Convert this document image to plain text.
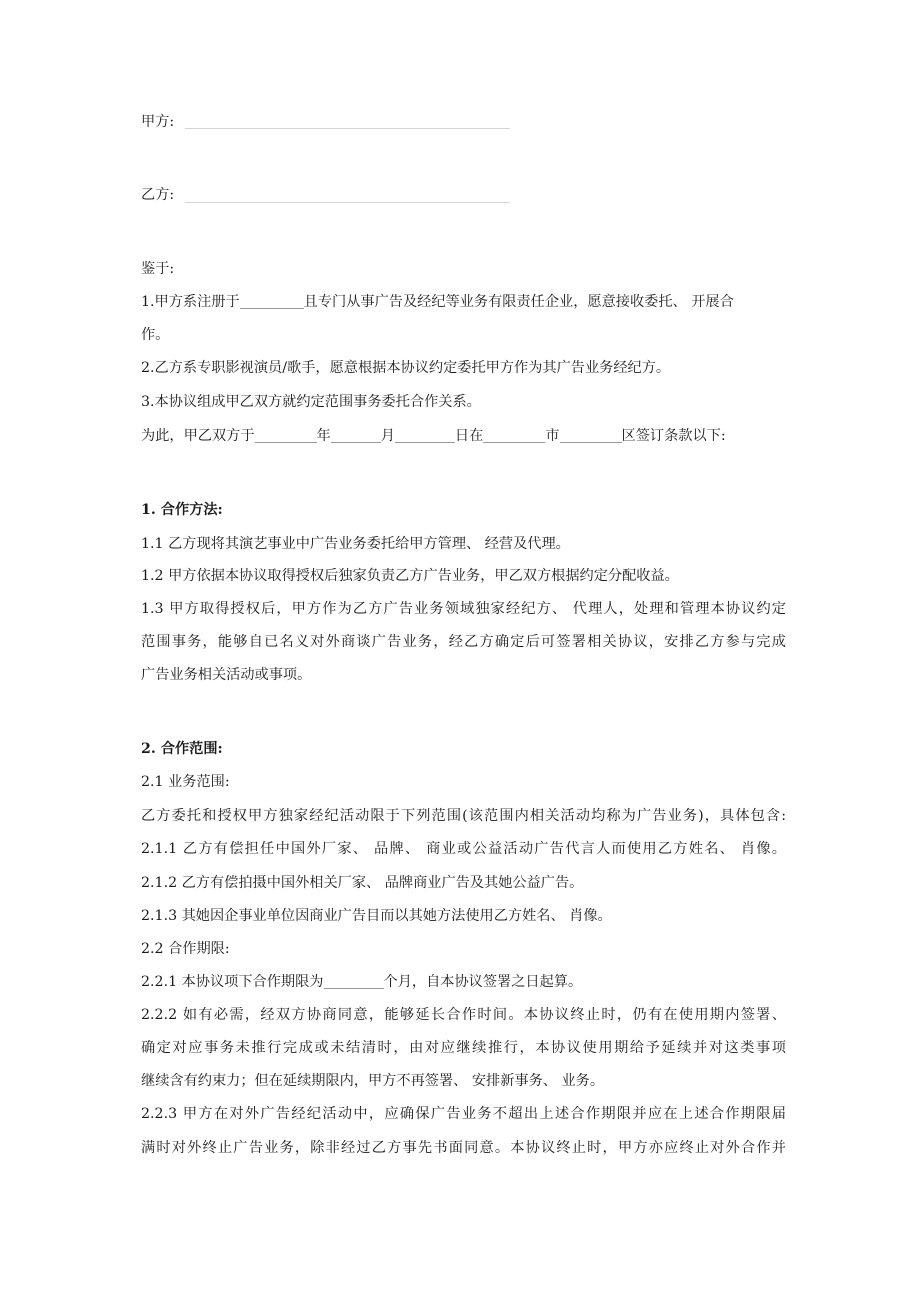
甲方:
乙方:
鉴于:
1.甲方系注册于	且专门从事广告及经纪等业务有限责任企业，愿意接收委托、 开展合
作。
2.乙方系专职影视演员/歌手，愿意根据本协议约定委托甲方作为其广告业务经纪方。
3.本协议组成甲乙双方就约定范围事务委托合作关系。
为此，甲乙双方于	年	月	日在	市	区签订条款以下:
1. 合作方法:
1.1 乙方现将其演艺事业中广告业务委托给甲方管理、 经营及代理。
1.2 甲方依据本协议取得授权后独家负责乙方广告业务，甲乙双方根据约定分配收益。
1.3 甲方取得授权后，甲方作为乙方广告业务领域独家经纪方、 代理人，处理和管理本协议约定
范围事务，能够自已名义对外商谈广告业务，经乙方确定后可签署相关协议，安排乙方参与完成
广告业务相关活动或事项。
2. 合作范围:
2.1 业务范围:
乙方委托和授权甲方独家经纪活动限于下列范围(该范围内相关活动均称为广告业务)，具体包含:
2.1.1 乙方有偿担任中国外厂家、 品牌、 商业或公益活动广告代言人而使用乙方姓名、 肖像。
2.1.2 乙方有偿拍摄中国外相关厂家、 品牌商业广告及其她公益广告。
2.1.3 其她因企事业单位因商业广告目而以其她方法使用乙方姓名、 肖像。
2.2 合作期限:
2.2.1 本协议项下合作期限为	个月，自本协议签署之日起算。
2.2.2 如有必需，经双方协商同意，能够延长合作时间。本协议终止时，仍有在使用期内签署、
确定对应事务未推行完成或未结清时，由对应继续推行，本协议使用期给予延续并对这类事项
继续含有约束力；但在延续期限内，甲方不再签署、 安排新事务、 业务。
2.2.3 甲方在对外广告经纪活动中，应确保广告业务不超出上述合作期限并应在上述合作期限届
满时对外终止广告业务，除非经过乙方事先书面同意。本协议终止时，甲方亦应终止对外合作并
